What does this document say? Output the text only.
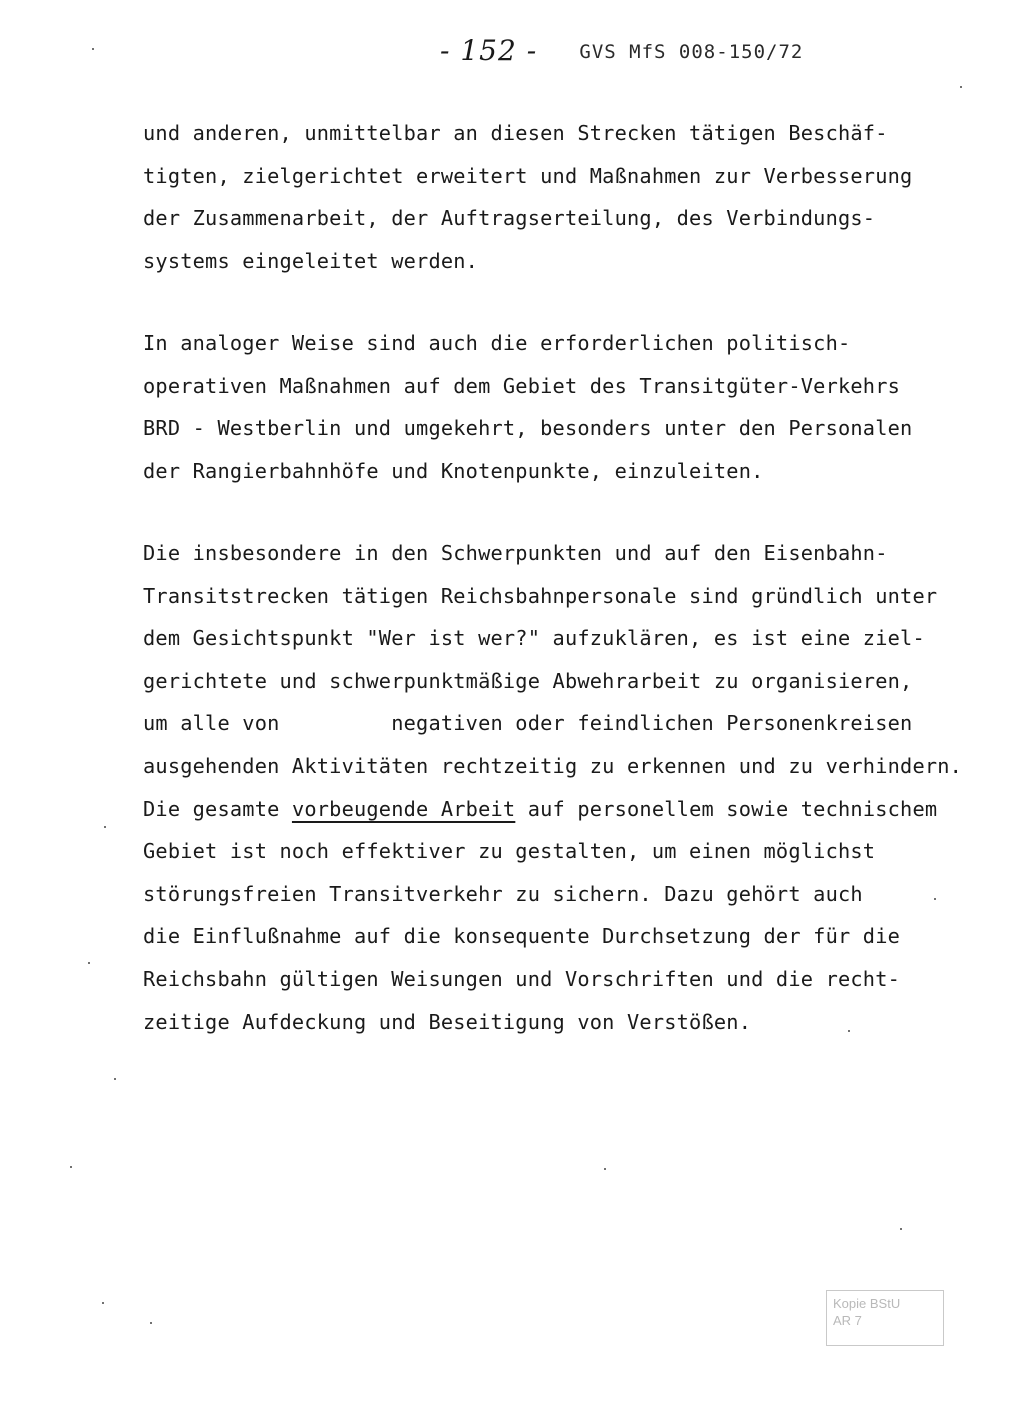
- 152 - GVS MfS 008-150/72
und anderen, unmittelbar an diesen Strecken tätigen Beschäf-
tigten, zielgerichtet erweitert und Maßnahmen zur Verbesserung
der Zusammenarbeit, der Auftragserteilung, des Verbindungs-
systems eingeleitet werden.
In analoger Weise sind auch die erforderlichen politisch-
operativen Maßnahmen auf dem Gebiet des Transitgüter-Verkehrs
BRD - Westberlin und umgekehrt, besonders unter den Personalen
der Rangierbahnhöfe und Knotenpunkte, einzuleiten.
Die insbesondere in den Schwerpunkten und auf den Eisenbahn-
Transitstrecken tätigen Reichsbahnpersonale sind gründlich unter
dem Gesichtspunkt "Wer ist wer?" aufzuklären, es ist eine ziel-
gerichtete und schwerpunktmäßige Abwehrarbeit zu organisieren,
um alle von         negativen oder feindlichen Personenkreisen
ausgehenden Aktivitäten rechtzeitig zu erkennen und zu verhindern.
Die gesamte vorbeugende Arbeit auf personellem sowie technischem
Gebiet ist noch effektiver zu gestalten, um einen möglichst
störungsfreien Transitverkehr zu sichern. Dazu gehört auch
die Einflußnahme auf die konsequente Durchsetzung der für die
Reichsbahn gültigen Weisungen und Vorschriften und die recht-
zeitige Aufdeckung und Beseitigung von Verstößen.
Kopie BStU
AR 7
